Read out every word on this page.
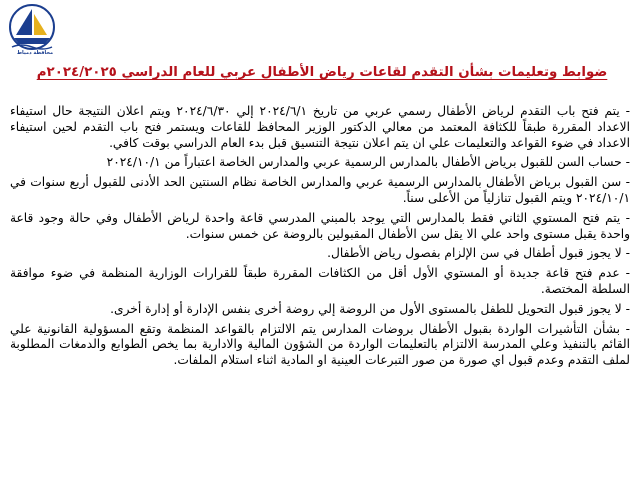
محافظة دمياط
ضوابط وتعليمات بشأن التقدم لقاعات رياض الأطفال عربي للعام الدراسي ٢٠٢٤/٢٠٢٥م

- يتم فتح باب التقدم لرياض الأطفال رسمي عربي من تاريخ ٢٠٢٤/٦/١ إلي ٢٠٢٤/٦/٣٠ ويتم اعلان النتيجة حال استيفاء الاعداد المقررة طبقاً للكثافة المعتمد من معالي الدكتور الوزير المحافظ للقاعات ويستمر فتح باب التقدم لحين استيفاء الاعداد في ضوء القواعد والتعليمات علي ان يتم اعلان نتيجة التنسيق قبل بدء العام الدراسي بوقت كافي.

- حساب السن للقبول برياض الأطفال بالمدارس الرسمية عربي والمدارس الخاصة اعتباراً من ٢٠٢٤/١٠/١

- سن القبول برياض الأطفال بالمدارس الرسمية عربي والمدارس الخاصة نظام السنتين الحد الأدنى للقبول أربع سنوات في ٢٠٢٤/١٠/١ ويتم القبول تنازلياً من الأعلى سناً.

- يتم فتح المستوي الثاني فقط بالمدارس التي يوجد بالمبني المدرسي قاعة واحدة لرياض الأطفال وفي حالة وجود قاعة واحدة يقبل مستوى واحد علي الا يقل سن الأطفال المقبولين بالروضة عن خمس سنوات.

- لا يجوز قبول أطفال في سن الإلزام بفصول رياض الأطفال.

- عدم فتح قاعة جديدة أو المستوي الأول أقل من الكثافات المقررة طبقاً للقرارات الوزارية المنظمة في ضوء موافقة السلطة المختصة.

- لا يجوز قبول التحويل للطفل بالمستوى الأول من الروضة إلي روضة أخرى بنفس الإدارة أو إدارة أخرى.

- بشأن التأشيرات الواردة بقبول الأطفال بروضات المدارس يتم الالتزام بالقواعد المنظمة وتقع المسؤولية القانونية علي القائم بالتنفيذ وعلي المدرسة الالتزام بالتعليمات الواردة من الشؤون المالية والادارية بما يخص الطوابع والدمغات المطلوبة لملف التقدم وعدم قبول اي صورة من صور التبرعات العينية او المادية اثناء استلام الملفات.
